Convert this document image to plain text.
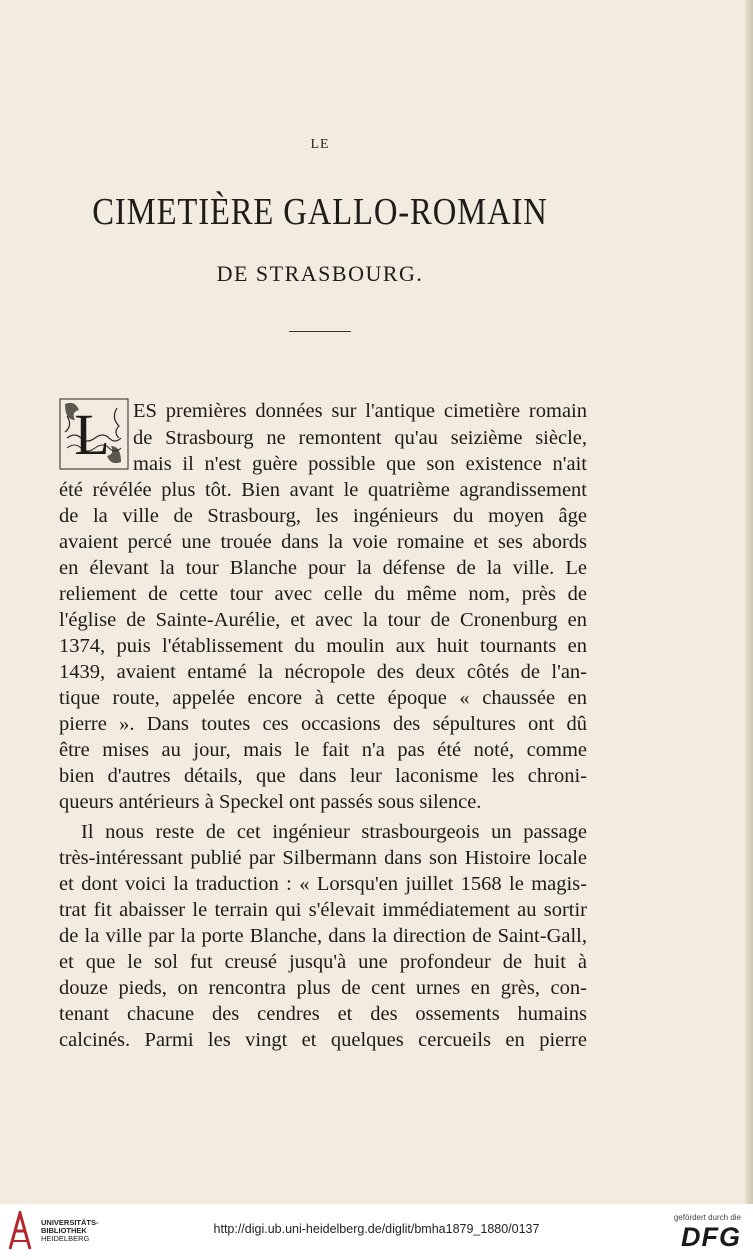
LE
CIMETIÈRE GALLO-ROMAIN
DE STRASBOURG.
L ES premières données sur l'antique cimetière romain
de Strasbourg ne remontent qu'au seizième siècle,
mais il n'est guère possible que son existence n'ait
été révélée plus tôt. Bien avant le quatrième agrandissement
de la ville de Strasbourg, les ingénieurs du moyen âge
avaient percé une trouée dans la voie romaine et ses abords
en élevant la tour Blanche pour la défense de la ville. Le
reliement de cette tour avec celle du même nom, près de
l'église de Sainte-Aurélie, et avec la tour de Cronenburg en
1374, puis l'établissement du moulin aux huit tournants en
1439, avaient entamé la nécropole des deux côtés de l'an-
tique route, appelée encore à cette époque « chaussée en
pierre ». Dans toutes ces occasions des sépultures ont dû
être mises au jour, mais le fait n'a pas été noté, comme
bien d'autres détails, que dans leur laconisme les chroni-
queurs antérieurs à Speckel ont passés sous silence.
Il nous reste de cet ingénieur strasbourgeois un passage
très-intéressant publié par Silbermann dans son Histoire locale
et dont voici la traduction : « Lorsqu'en juillet 1568 le magis-
trat fit abaisser le terrain qui s'élevait immédiatement au sortir
de la ville par la porte Blanche, dans la direction de Saint-Gall,
et que le sol fut creusé jusqu'à une profondeur de huit à
douze pieds, on rencontra plus de cent urnes en grès, con-
tenant chacune des cendres et des ossements humains
calcinés. Parmi les vingt et quelques cercueils en pierre
UNIVERSITÄTS-
BIBLIOTHEK
HEIDELBERG
http://digi.ub.uni-heidelberg.de/diglit/bmha1879_1880/0137
gefördert durch die
DFG
